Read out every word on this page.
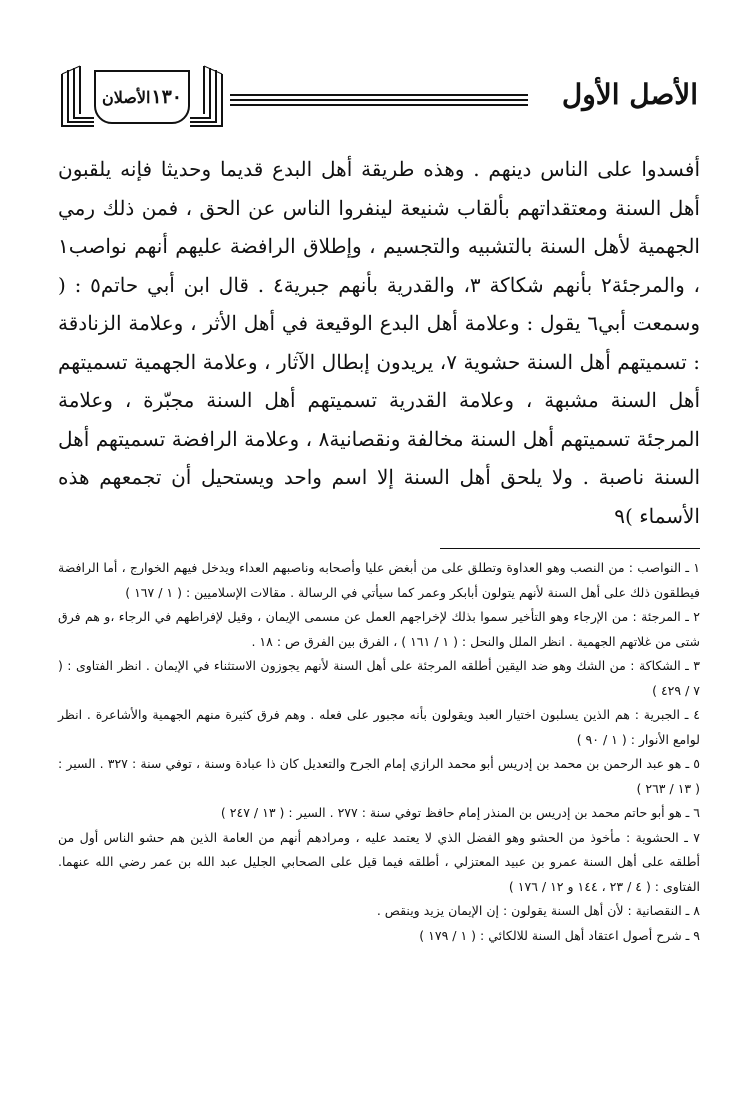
١٣٠
الأصلان	الأصل الأول
أفسدوا على الناس دينهم . وهذه طريقة أهل البدع قديما وحديثا فإنه يلقبون أهل السنة ومعتقداتهم بألقاب شنيعة لينفروا الناس عن الحق ، فمن ذلك رمي الجهمية لأهل السنة بالتشبيه والتجسيم ، وإطلاق الرافضة عليهم أنهم نواصب١ ، والمرجئة٢ بأنهم شكاكة ٣، والقدرية بأنهم جبرية٤ . قال ابن أبي حاتم٥ : ( وسمعت أبي٦ يقول : وعلامة أهل البدع الوقيعة في أهل الأثر ، وعلامة الزنادقة : تسميتهم أهل السنة حشوية ٧، يريدون إبطال الآثار ، وعلامة الجهمية تسميتهم أهل السنة مشبهة ، وعلامة القدرية تسميتهم أهل السنة مجبّرة ، وعلامة المرجئة تسميتهم أهل السنة مخالفة ونقصانية٨ ، وعلامة الرافضة تسميتهم أهل السنة ناصبة . ولا يلحق أهل السنة إلا اسم واحد ويستحيل أن تجمعهم هذه الأسماء )٩

١ ـ النواصب : من النصب وهو العداوة وتطلق على من أبغض عليا وأصحابه وناصبهم العداء ويدخل فيهم الخوارج ، أما الرافضة فيطلقون ذلك على أهل السنة لأنهم يتولون أبابكر وعمر كما سيأتي في الرسالة . مقالات الإسلاميين : ( ١ / ١٦٧ )

٢ ـ المرجئة : من الإرجاء وهو التأخير سموا بذلك لإخراجهم العمل عن مسمى الإيمان ، وقيل لإفراطهم في الرجاء ،و هم فرق شتى من غلاتهم الجهمية . انظر الملل والنحل : ( ١ / ١٦١ ) ، الفرق بين الفرق ص : ١٨ .

٣ ـ الشكاكة : من الشك وهو ضد اليقين أطلقه المرجئة على أهل السنة لأنهم يجوزون الاستثناء في الإيمان . انظر الفتاوى : ( ٧ / ٤٢٩ )

٤ ـ الجبرية : هم الذين يسلبون اختيار العبد ويقولون بأنه مجبور على فعله . وهم فرق كثيرة منهم الجهمية والأشاعرة . انظر لوامع الأنوار : ( ١ / ٩٠ )

٥ ـ هو عبد الرحمن بن محمد بن إدريس أبو محمد الرازي إمام الجرح والتعديل كان ذا عبادة وسنة ، توفي سنة : ٣٢٧ . السير : ( ١٣ / ٢٦٣ )

٦ ـ هو أبو حاتم محمد بن إدريس بن المنذر إمام حافظ توفي سنة : ٢٧٧ . السير : ( ١٣ / ٢٤٧ )

٧ ـ الحشوية : مأخوذ من الحشو وهو الفضل الذي لا يعتمد عليه ، ومرادهم أنهم من العامة الذين هم حشو الناس أول من أطلقه على أهل السنة عمرو بن عبيد المعتزلي ، أطلقه فيما قيل على الصحابي الجليل عبد الله بن عمر رضي الله عنهما. الفتاوى : ( ٤ / ٢٣ ، ١٤٤ و ١٢ / ١٧٦ )

٨ ـ النقصانية : لأن أهل السنة يقولون : إن الإيمان يزيد وينقص .

٩ ـ شرح أصول اعتقاد أهل السنة للالكائي : ( ١ / ١٧٩ )
